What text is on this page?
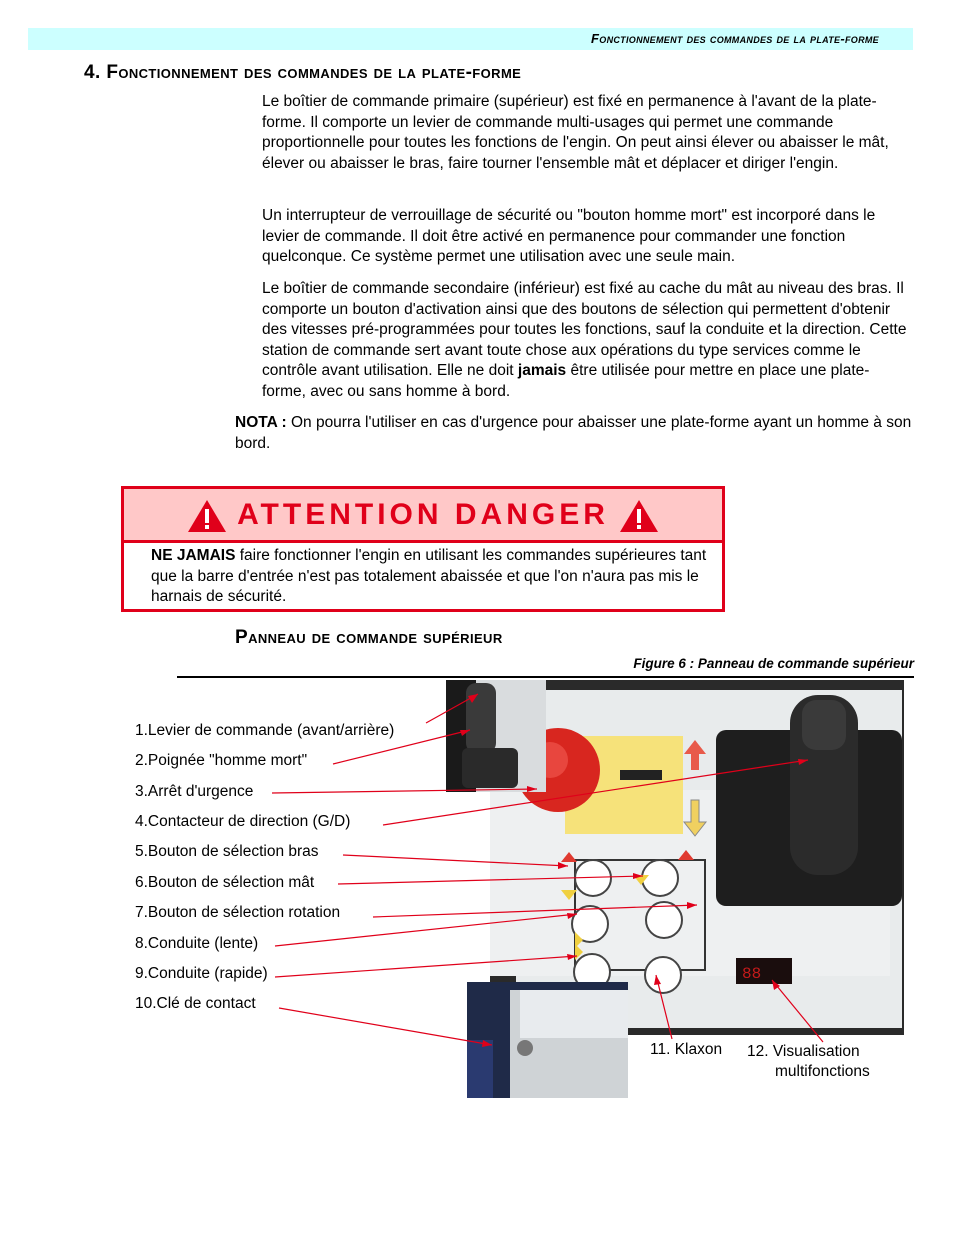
Fonctionnement des commandes de la plate-forme
4. Fonctionnement des commandes de la plate-forme
Le boîtier de commande primaire (supérieur) est fixé en permanence à l'avant de la plate-forme. Il comporte un levier de commande multi-usages qui permet une commande proportionnelle pour toutes les fonctions de l'engin. On peut ainsi élever ou abaisser le mât, élever ou abaisser le bras, faire tourner l'ensemble mât et déplacer et diriger l'engin.
Un interrupteur de verrouillage de sécurité ou "bouton homme mort" est incorporé dans le levier de commande. Il doit être activé en permanence pour commander une fonction quelconque. Ce système permet une utilisation avec une seule main.
Le boîtier de commande secondaire (inférieur) est fixé au cache du mât au niveau des bras. Il comporte un bouton d'activation ainsi que des boutons de sélection qui permettent d'obtenir des vitesses pré-programmées pour toutes les fonctions, sauf la conduite et la direction. Cette station de commande sert avant toute chose aux opérations du type services comme le contrôle avant utilisation. Elle ne doit jamais être utilisée pour mettre en place une plate-forme, avec ou sans homme à bord.
NOTA : On pourra l'utiliser en cas d'urgence pour abaisser une plate-forme ayant un homme à son bord.
ATTENTION DANGER
NE JAMAIS faire fonctionner l'engin en utilisant les commandes supérieures tant que la barre d'entrée n'est pas totalement abaissée et que l'on n'aura pas mis le harnais de sécurité.
Panneau de commande supérieur
Figure 6 : Panneau de commande supérieur
88
1.Levier de commande (avant/arrière)
2.Poignée "homme mort"
3.Arrêt d'urgence
4.Contacteur de direction (G/D)
5.Bouton de sélection bras
6.Bouton de sélection mât
7.Bouton de sélection rotation
8.Conduite (lente)
9.Conduite (rapide)
10.Clé de contact
11. Klaxon 12. Visualisation
multifonctions
